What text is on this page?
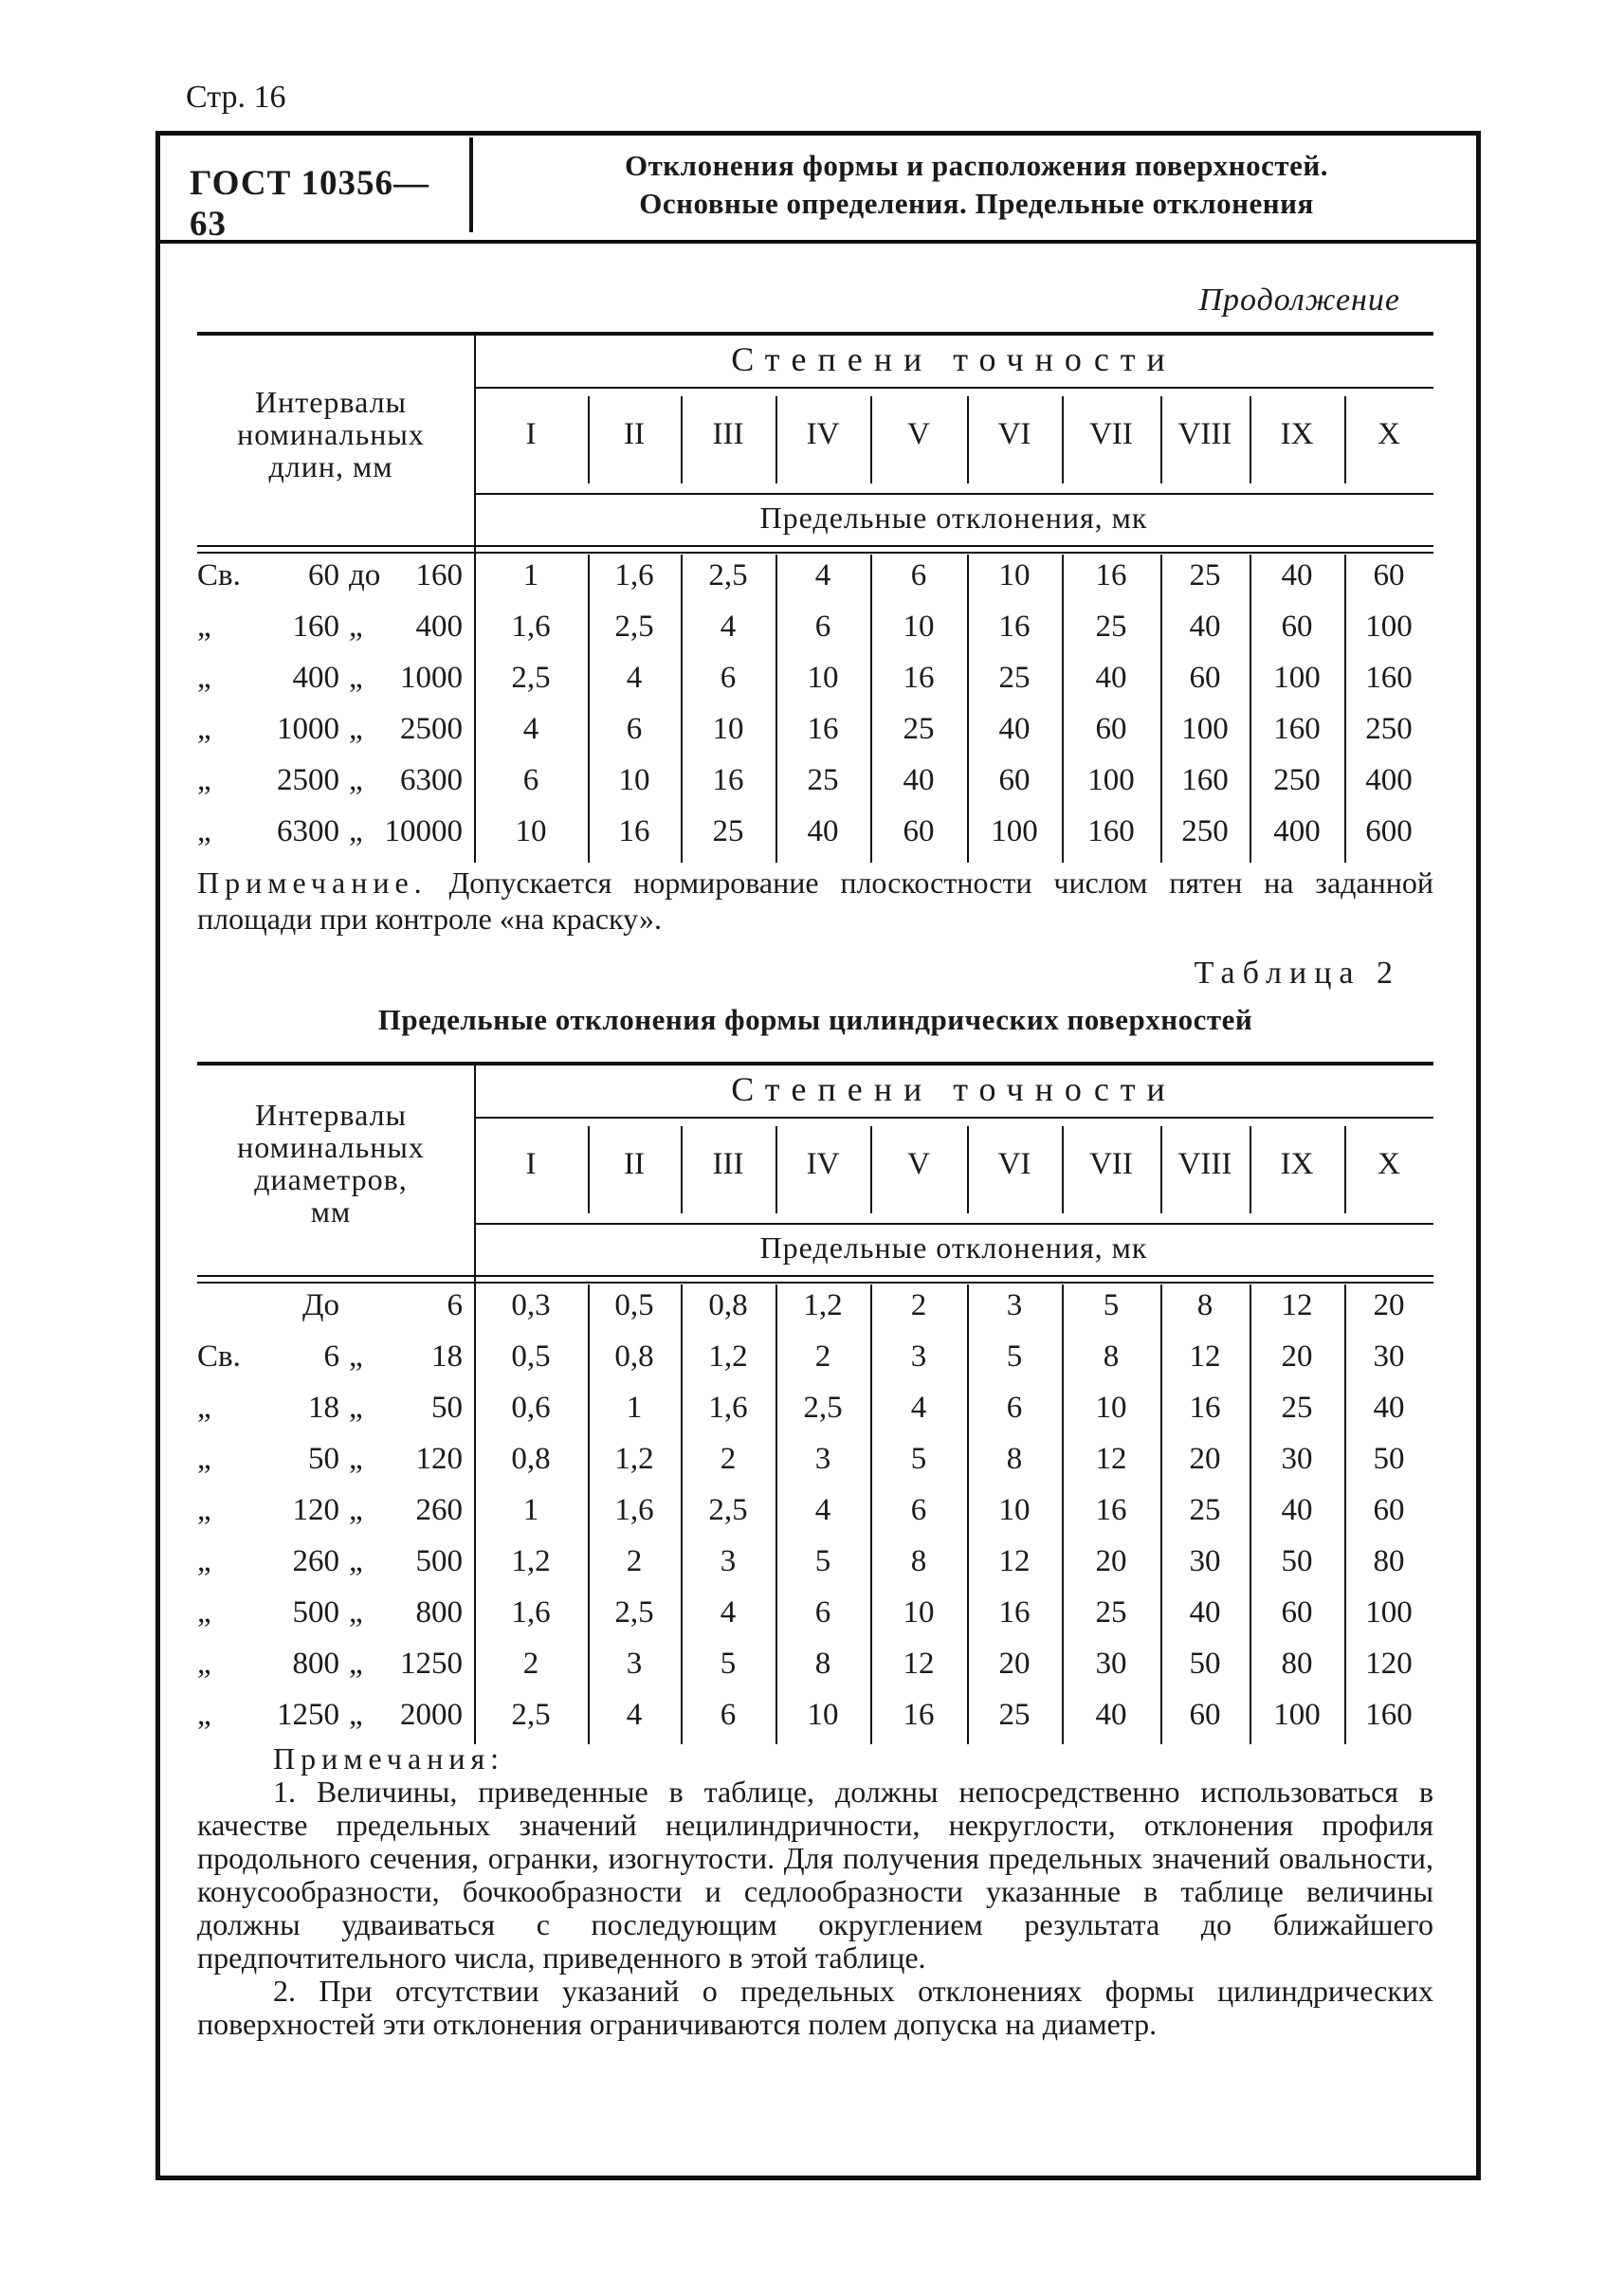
Стр. 16
ГОСТ 10356—63
Отклонения формы и расположения поверхностей.
Основные определения. Предельные отклонения
Продолжение
Интервалы
номинальных
длин, мм
Степени точности
I	II	III	IV	V	VI	VII	VIII	IX	X
Предельные отклонения, мк
Св.	60 до	160	1	1,6	2,5	4	6	10	16	25	40	60
„	160 „	400	1,6	2,5	4	6	10	16	25	40	60	100
„	400 „	1000	2,5	4	6	10	16	25	40	60	100	160
„	1000 „	2500	4	6	10	16	25	40	60	100	160	250
„	2500 „	6300	6	10	16	25	40	60	100	160	250	400
„	6300 „ 10000	10	16	25	40	60	100	160	250	400	600
Примечание. Допускается нормирование плоскостности числом пятен на заданной площади при контроле «на краску».
Таблица 2
Предельные отклонения формы цилиндрических поверхностей
Интервалы
номинальных
диаметров,
мм
Степени точности
I	II	III	IV	V	VI	VII	VIII	IX	X
Предельные отклонения, мк
До	6	0,3	0,5	0,8	1,2	2	3	5	8	12	20
Св.	6 „	18	0,5	0,8	1,2	2	3	5	8	12	20	30
„	18 „	50	0,6	1	1,6	2,5	4	6	10	16	25	40
„	50 „	120	0,8	1,2	2	3	5	8	12	20	30	50
„	120 „	260	1	1,6	2,5	4	6	10	16	25	40	60
„	260 „	500	1,2	2	3	5	8	12	20	30	50	80
„	500 „	800	1,6	2,5	4	6	10	16	25	40	60	100
„	800 „	1250	2	3	5	8	12	20	30	50	80	120
„	1250 „	2000	2,5	4	6	10	16	25	40	60	100	160

Примечания:

1. Величины, приведенные в таблице, должны непосредственно использоваться в качестве предельных значений нецилиндричности, некруглости, отклонения профиля продольного сечения, огранки, изогнутости. Для получения предельных значений овальности, конусообразности, бочкообразности и седлообразности указанные в таблице величины должны удваиваться с последующим округлением результата до ближайшего предпочтительного числа, приведенного в этой таблице.

2. При отсутствии указаний о предельных отклонениях формы цилиндрических поверхностей эти отклонения ограничиваются полем допуска на диаметр.
